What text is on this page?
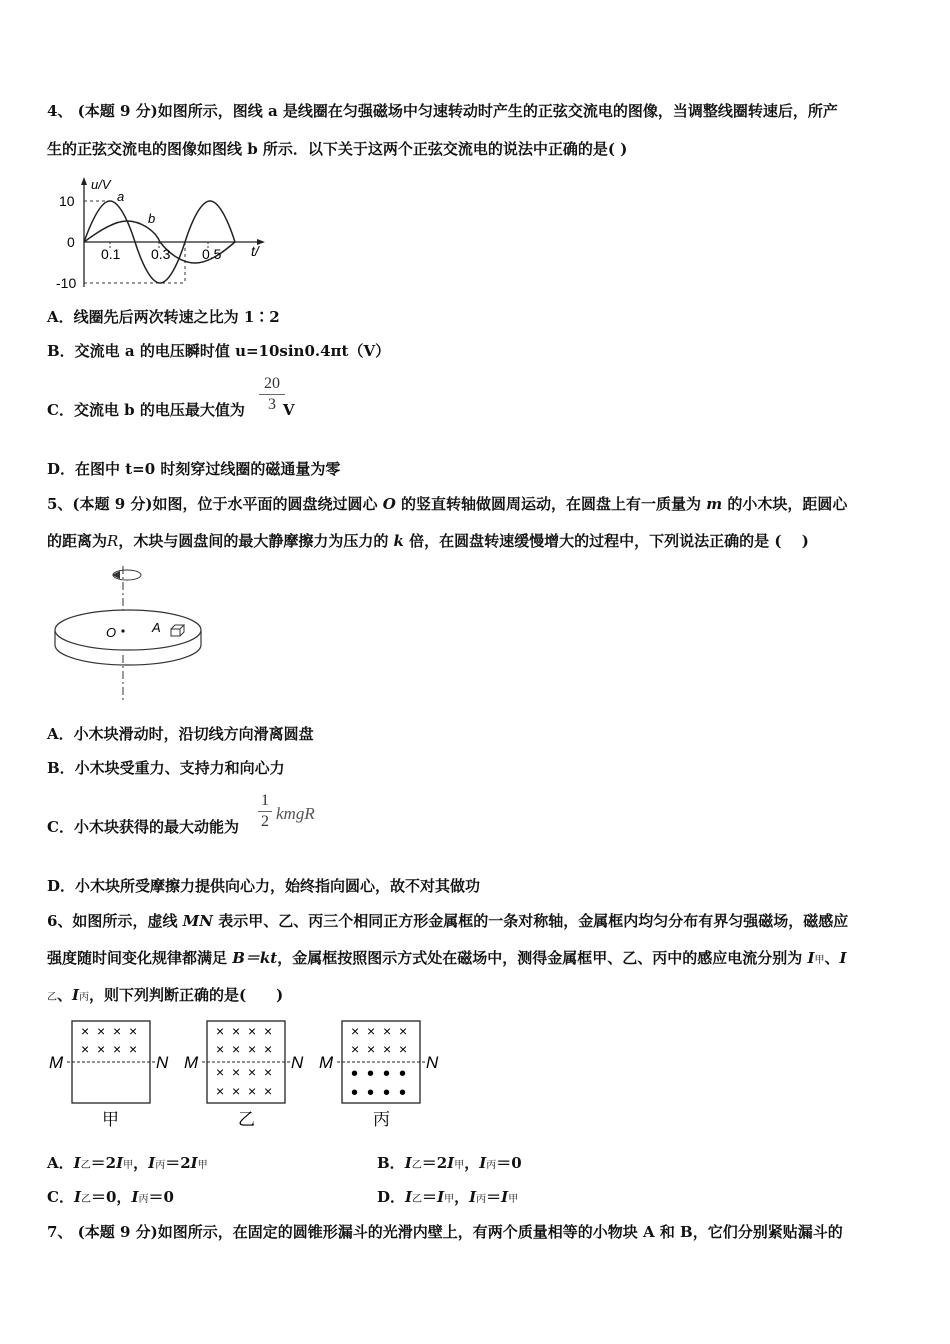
4、 (本题 9 分)如图所示，图线 a 是线圈在匀强磁场中匀速转动时产生的正弦交流电的图像，当调整线圈转速后，所产
生的正弦交流电的图像如图线 b 所示．以下关于这两个正弦交流电的说法中正确的是( )
u/V
10
0
-10
0.1 0.3 0.5 t/
a
b
A．线圈先后两次转速之比为 1∶2
B．交流电 a 的电压瞬时值 u=10sin0.4πt（V）
C．交流电 b 的电压最大值为	V
20
3
D．在图中 t=0 时刻穿过线圈的磁通量为零
5、(本题 9 分)如图，位于水平面的圆盘绕过圆心 O 的竖直转轴做圆周运动，在圆盘上有一质量为 m 的小木块，距圆心
的距离为R，木块与圆盘间的最大静摩擦力为压力的 k 倍，在圆盘转速缓慢增大的过程中，下列说法正确的是 (　 )
O	A
A．小木块滑动时，沿切线方向滑离圆盘
B．小木块受重力、支持力和向心力
C．小木块获得的最大动能为
1
2 kmgR
D．小木块所受摩擦力提供向心力，始终指向圆心，故不对其做功
6、如图所示，虚线 MN 表示甲、乙、丙三个相同正方形金属框的一条对称轴，金属框内均匀分布有界匀强磁场，磁感应
强度随时间变化规律都满足 B＝kt，金属框按照图示方式处在磁场中，测得金属框甲、乙、丙中的感应电流分别为 I甲、I
乙、I丙，则下列判断正确的是(　　)
M	N
× × × ×
× × × ×
甲
M	N
× × × ×
× × × ×
× × × ×
× × × ×
乙
M	N
× × × ×
× × × ×
• • • •
• • • •
丙
A．I乙＝2I甲，I丙＝2I甲	B．I乙＝2I甲，I丙＝0
C．I乙＝0，I丙＝0	D．I乙＝I甲，I丙＝I甲
7、 (本题 9 分)如图所示，在固定的圆锥形漏斗的光滑内壁上，有两个质量相等的小物块 A 和 B，它们分别紧贴漏斗的
